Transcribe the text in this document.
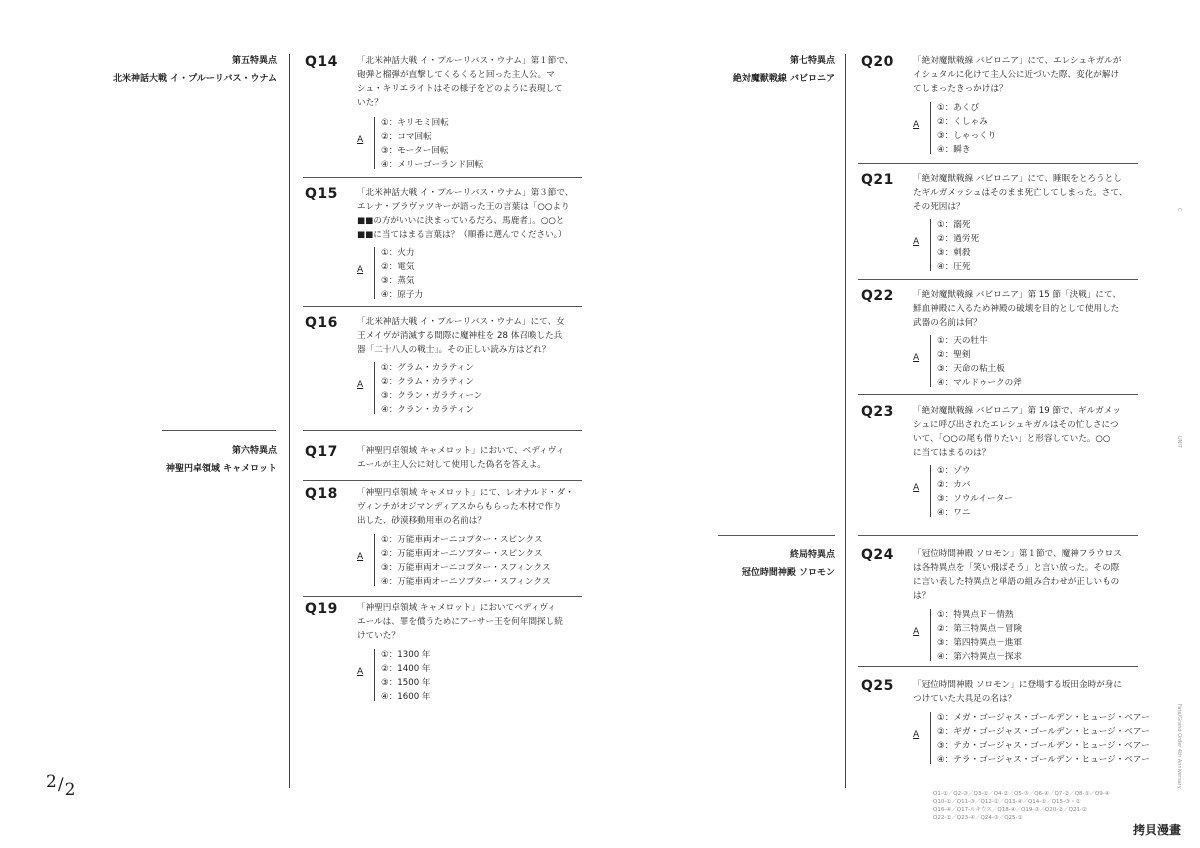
第五特異点
北米神話大戦 イ・プルーリバス・ウナム
第六特異点
神聖円卓領域 キャメロット
第七特異点
絶対魔獣戦線 バビロニア
終局特異点
冠位時間神殿 ソロモン
Q14 「北米神話大戦 イ・プルーリバス・ウナム」第１節で、
砲弾と榴弾が直撃してくるくると回った主人公。マ
シュ・キリエライトはその様子をどのように表現して
いた？
A
①：キリモミ回転
②：コマ回転
③：モーター回転
④：メリーゴーランド回転
Q15 「北米神話大戦 イ・プルーリバス・ウナム」第３節で、
エレナ・ブラヴァツキーが語った王の言葉は「○○より
■■の方がいいに決まっているだろ、馬鹿者」。○○と
■■に当てはまる言葉は？（順番に選んでください。）
A
①：火力
②：電気
③：蒸気
④：原子力
Q16 「北米神話大戦 イ・プルーリバス・ウナム」にて、女
王メイヴが消滅する間際に魔神柱を 28 体召喚した兵
器「二十八人の戦士」。その正しい読み方はどれ？
A
①：グラム・カラティン
②：クラム・カラティン
③：クラン・ガラティーン
④：クラン・カラティン
Q17 「神聖円卓領域 キャメロット」において、ベディヴィ
エールが主人公に対して使用した偽名を答えよ。
Q18 「神聖円卓領域 キャメロット」にて、レオナルド・ダ・
ヴィンチがオジマンディアスからもらった木材で作り
出した、砂漠移動用車の名前は？
A
①：万能車両オーニコプター・スピンクス
②：万能車両オーニソプター・スピンクス
③：万能車両オーニコプター・スフィンクス
④：万能車両オーニソプター・スフィンクス
Q19 「神聖円卓領域 キャメロット」においてベディヴィ
エールは、罪を償うためにアーサー王を何年間探し続
けていた？
A
①：1300 年
②：1400 年
③：1500 年
④：1600 年
Q20 「絶対魔獣戦線 バビロニア」にて、エレシュキガルが
イシュタルに化けて主人公に近づいた際、変化が解け
てしまったきっかけは？
A
①：あくび
②：くしゃみ
③：しゃっくり
④：瞬き
Q21 「絶対魔獣戦線 バビロニア」にて、睡眠をとろうとし
たギルガメッシュはそのまま死亡してしまった。さて、
その死因は？
A
①：溺死
②：過労死
③：刺殺
④：圧死
Q22 「絶対魔獣戦線 バビロニア」第 15 節「決戦」にて、
鮮血神殿に入るため神殿の破壊を目的として使用した
武器の名前は何？
A
①：天の牡牛
②：聖剣
③：天命の粘土板
④：マルドゥークの斧
Q23 「絶対魔獣戦線 バビロニア」第 19 節で、ギルガメッ
シュに呼び出されたエレシュキガルはその忙しさにつ
いて、「○○の尾も借りたい」と形容していた。○○
に当てはまるのは？
A
①：ゾウ
②：カバ
③：ソウルイーター
④：ワニ
Q24 「冠位時間神殿 ソロモン」第１節で、魔神フラウロス
は各特異点を「笑い飛ばそう」と言い放った。その際
に言い表した特異点と単語の組み合わせが正しいもの
は？
A
①：特異点Ｆ－情熱
②：第三特異点－冒険
③：第四特異点－進軍
④：第六特異点－探求
Q25 「冠位時間神殿 ソロモン」に登場する坂田金時が身に
つけていた大具足の名は？
A
①：メガ・ゴージャス・ゴールデン・ヒュージ・ベアー
②：ギガ・ゴージャス・ゴールデン・ヒュージ・ベアー
③：テカ・ゴージャス・ゴールデン・ヒュージ・ベアー
④：テラ・ゴージャス・ゴールデン・ヒュージ・ベアー
2/2
C
UNIT
Fate/Grand Order 4th Anniversary
Q1-①／Q2-③／Q3-①／Q4-②／Q5-③／Q6-④／Q7-②／Q8-①／Q9-④
Q10-①／Q11-③／Q12-②／Q13-④／Q14-①／Q15-③・②
Q16-④／Q17-ルキウス／Q18-④／Q19-③／Q20-②／Q21-②
Q22-①／Q23-④／Q24-③／Q25-①
拷貝漫畫
